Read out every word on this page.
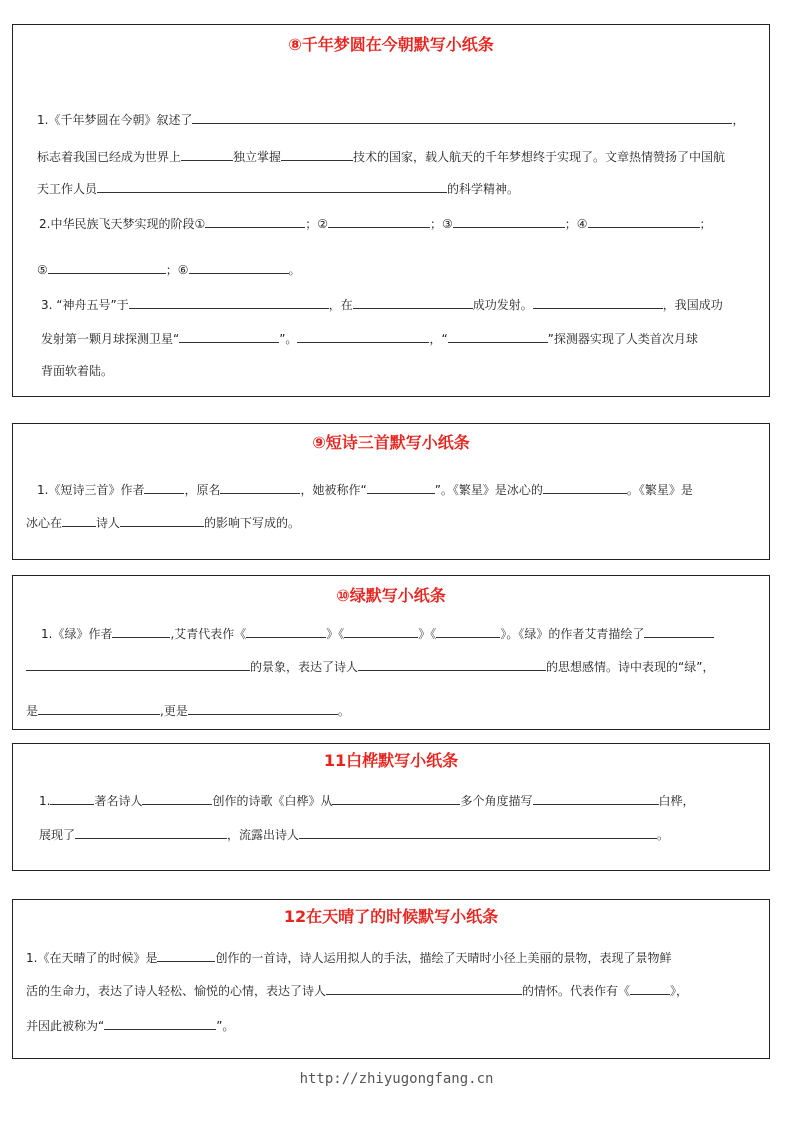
⑧千年梦圆在今朝默写小纸条
1.《千年梦圆在今朝》叙述了	，
标志着我国已经成为世界上	独立掌握	技术的国家，载人航天的千年梦想终于实现了。文章热情赞扬了中国航
天工作人员	的科学精神。
2.中华民族飞天梦实现的阶段①	；②	；③	；④	；
⑤	；⑥	。
3. “神舟五号”于	，在	成功发射。	，我国成功
发射第一颗月球探测卫星“	”。	，“	”探测器实现了人类首次月球
背面软着陆。
⑨短诗三首默写小纸条
1.《短诗三首》作者	，原名	，她被称作“	”。《繁星》是冰心的	。《繁星》是
冰心在	诗人	的影响下写成的。
⑩绿默写小纸条
1.《绿》作者	,艾青代表作《	》《	》《	》。《绿》的作者艾青描绘了
的景象，表达了诗人	的思想感情。诗中表现的“绿”，
是	,更是	。
11白桦默写小纸条
1.	著名诗人	创作的诗歌《白桦》从	多个角度描写	白桦，
展现了	，流露出诗人	。
12在天晴了的时候默写小纸条
1.《在天晴了的时候》是	创作的一首诗，诗人运用拟人的手法，描绘了天晴时小径上美丽的景物，表现了景物鲜
活的生命力，表达了诗人轻松、愉悦的心情，表达了诗人	的情怀。代表作有《	》，
并因此被称为“	”。
http://zhiyugongfang.cn
